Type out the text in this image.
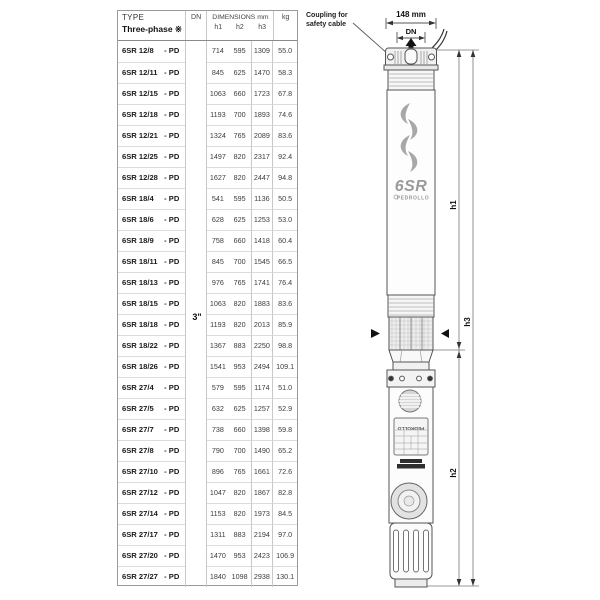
TYPE
Three-phase ※
DN	DIMENSIONS mm
h1	h2	h3
kg
6SR 12/8 - PD	714	595	1309	55.0
6SR 12/11 - PD	845	625	1470	58.3
6SR 12/15 - PD	1063	660	1723	67.8
6SR 12/18 - PD	1193	700	1893	74.6
6SR 12/21 - PD	1324	765	2089	83.6
6SR 12/25 - PD	1497	820	2317	92.4
6SR 12/28 - PD	1627	820	2447	94.8
6SR 18/4 - PD	541	595	1136	50.5
6SR 18/6 - PD	628	625	1253	53.0
6SR 18/9 - PD	758	660	1418	60.4
6SR 18/11 - PD	845	700	1545	66.5
6SR 18/13 - PD	976	765	1741	76.4
6SR 18/15 - PD	1063	820	1883	83.6
6SR 18/18 - PD	1193	820	2013	85.9
6SR 18/22 - PD	1367	883	2250	98.8
6SR 18/26 - PD	1541	953	2494 109.1
6SR 27/4 - PD	579	595	1174	51.0
6SR 27/5 - PD	632	625	1257	52.9
6SR 27/7 - PD	738	660	1398	59.8
6SR 27/8 - PD	790	700	1490	65.2
6SR 27/10 - PD	896	765	1661	72.6
6SR 27/12 - PD	1047	820	1867	82.8
6SR 27/14 - PD	1153	820	1973	84.5
6SR 27/17 - PD	1311	883	2194	97.0
6SR 27/20 - PD	1470	953	2423 106.9
6SR 27/27 - PD	1840 1098 2938 130.1
3"
Coupling for
safety cable
148 mm
DN
h1
h2
h3
6SR
PEDROLLO
PEDROLLO
